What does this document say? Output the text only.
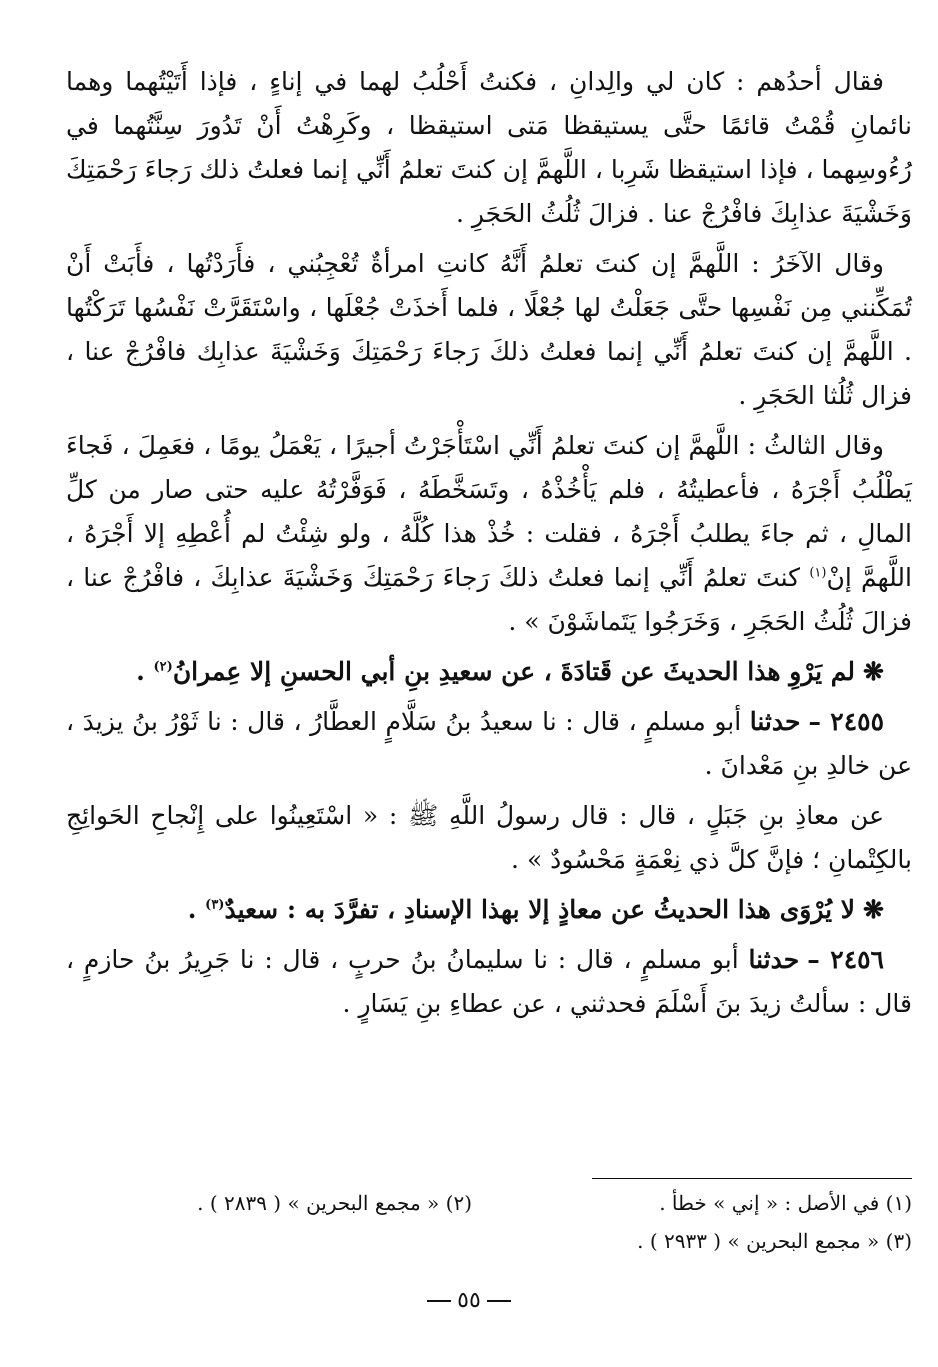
فقال أحدُهم : كان لي والِدانِ ، فكنتُ أَحْلُبُ لهما في إناءٍ ، فإذا أَتَيْتُهما وهما نائمانِ قُمْتُ قائمًا حتَّى يستيقظا مَتى استيقظا ، وكَرِهْتُ أَنْ تَدُورَ سِنَّتُهما في رُءُوسِهما ، فإذا استيقظا شَرِبا ، اللَّهمَّ إن كنتَ تعلمُ أَنِّي إنما فعلتُ ذلك رَجاءَ رَحْمَتِكَ وَخَشْيَةَ عذابِكَ فافْرُجْ عنا . فزالَ ثُلُثُ الحَجَرِ .

وقال الآخَرُ : اللَّهمَّ إن كنتَ تعلمُ أَنَّهُ كانتِ امرأةٌ تُعْجِبُني ، فأَرَدْتُها ، فأَبَتْ أَنْ تُمَكِّنني مِن نَفْسِها حتَّى جَعَلْتُ لها جُعْلًا ، فلما أَخذَتْ جُعْلَها ، واسْتَقَرَّتْ نَفْسُها تَرَكْتُها . اللَّهمَّ إن كنتَ تعلمُ أَنِّي إنما فعلتُ ذلكَ رَجاءَ رَحْمَتِكَ وَخَشْيَةَ عذابِك فافْرُجْ عنا ، فزال ثُلُثا الحَجَرِ .

وقال الثالثُ : اللَّهمَّ إن كنتَ تعلمُ أَنِّي اسْتَأْجَرْتُ أجيرًا ، يَعْمَلُ يومًا ، فعَمِلَ ، فَجاءَ يَطْلُبُ أَجْرَهُ ، فأعطيتُهُ ، فلم يَأْخُذْهُ ، وتَسَخَّطَهُ ، فَوَفَّرْتُهُ عليه حتى صار من كلِّ المالِ ، ثم جاءَ يطلبُ أَجْرَهُ ، فقلت : خُذْ هذا كُلَّهُ ، ولو شِئْتُ لم أُعْطِهِ إلا أَجْرَهُ ، اللَّهمَّ إنْ$^{(١)}$ كنتَ تعلمُ أَنِّي إنما فعلتُ ذلكَ رَجاءَ رَحْمَتِكَ وَخَشْيَةَ عذابِكَ ، فافْرُجْ عنا ، فزالَ ثُلُثُ الحَجَرِ ، وَخَرَجُوا يَتَماشَوْنَ » .

❋لم يَرْوِ هذا الحديثَ عن قَتادَةَ ، عن سعيدِ بنِ أبي الحسنِ إلا عِمرانُ$^{(٢)}$ .

٢٤٥٥ –حدثنا أبو مسلمٍ ، قال : نا سعيدُ بنُ سَلَّامٍ العطَّارُ ، قال : نا ثَوْرُ بنُ يزيدَ ، عن خالدِ بنِ مَعْدانَ .

عن معاذِ بنِ جَبَلٍ ، قال : قال رسولُ اللَّهِ ﷺ : « اسْتَعِينُوا على إِنْجاحِ الحَوائِجِ بالكِتْمانِ ؛ فإنَّ كلَّ ذي نِعْمَةٍ مَحْسُودٌ » .

❋لا يُرْوَى هذا الحديثُ عن معاذٍ إلا بهذا الإسنادِ ، تفرَّدَ به : سعيدٌ$^{(٣)}$ .

٢٤٥٦ –حدثنا أبو مسلمٍ ، قال : نا سليمانُ بنُ حربٍ ، قال : نا جَرِيرُ بنُ حازمٍ ، قال : سألتُ زيدَ بنَ أَسْلَمَ فحدثني ، عن عطاءِ بنِ يَسَارٍ .

(١) في الأصل : « إني » خطأ .
(٢) « مجمع البحرين » ( ٢٨٣٩ ) .
(٣) « مجمع البحرين » ( ٢٩٣٣ ) .
٥٥
